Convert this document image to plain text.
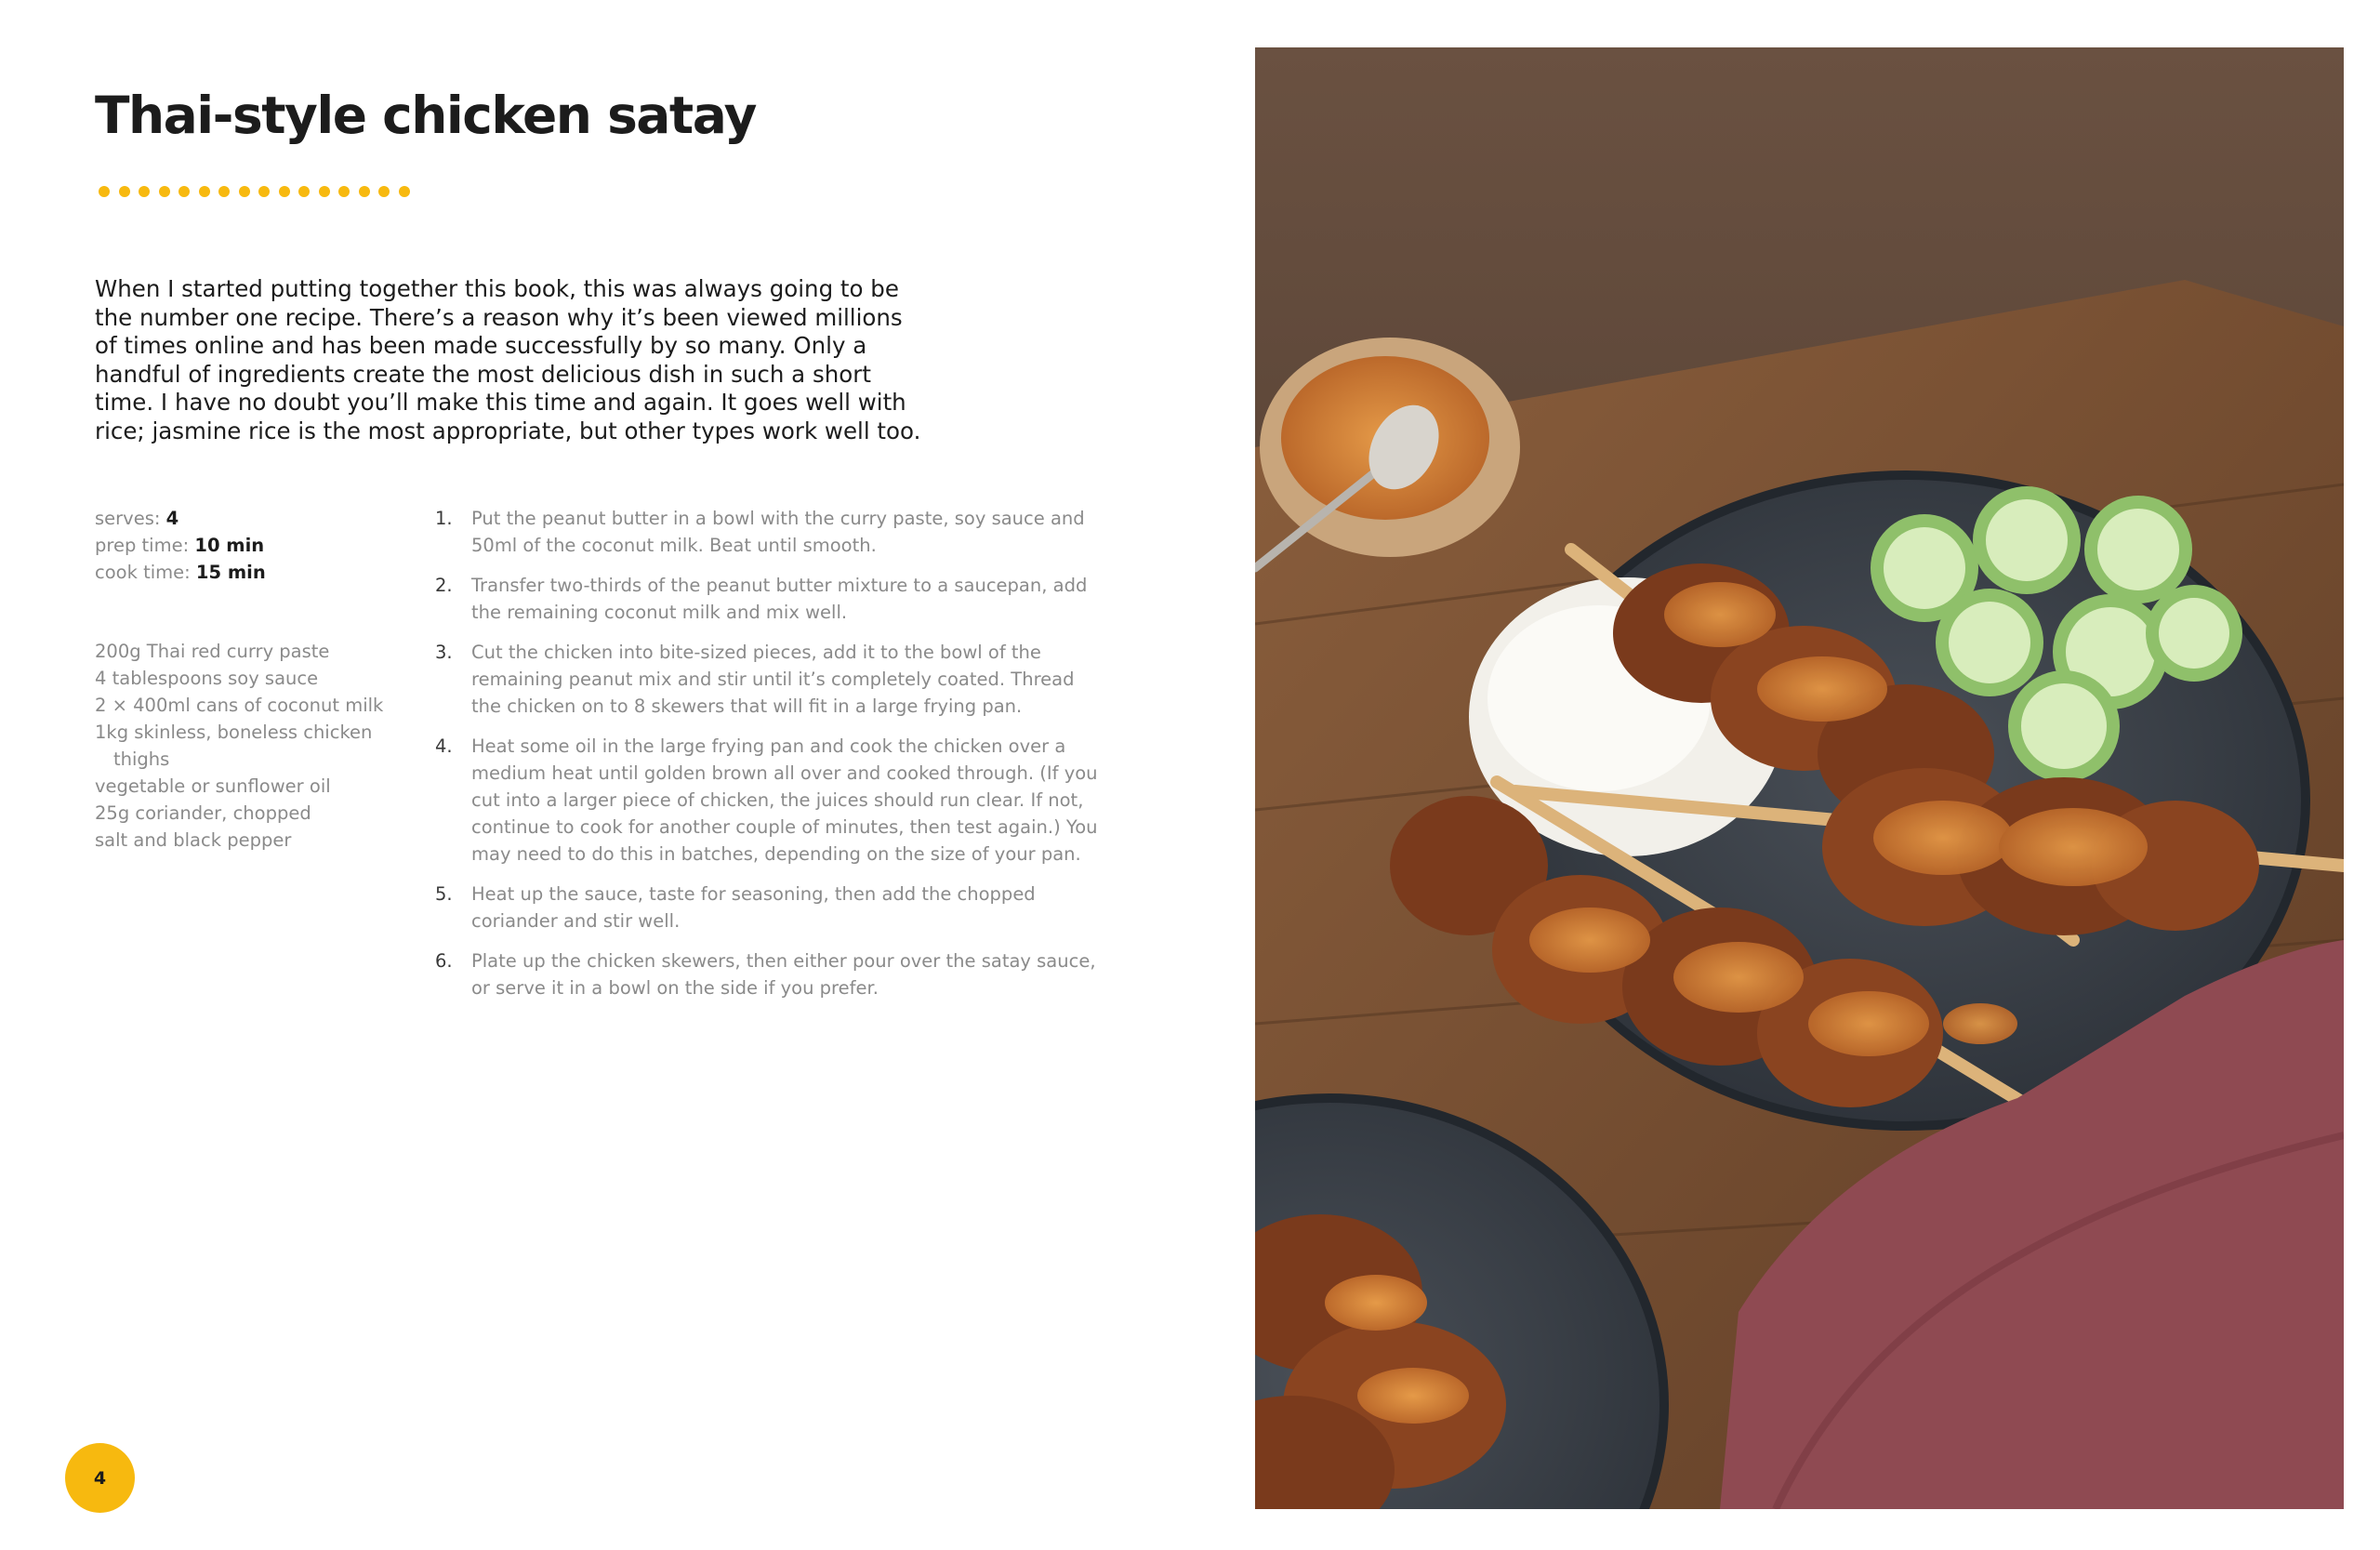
Thai-style chicken satay

When I started putting together this book, this was always going to be the number one recipe. There’s a reason why it’s been viewed millions of times online and has been made successfully by so many. Only a handful of ingredients create the most delicious dish in such a short time. I have no doubt you’ll make this time and again. It goes well with rice; jasmine rice is the most appropriate, but other types work well too.

serves: 4
prep time: 10 min
cook time: 15 min
200g Thai red curry paste
4 tablespoons soy sauce
2 × 400ml cans of coconut milk
1kg skinless, boneless chicken thighs
vegetable or sunflower oil
25g coriander, chopped
salt and black pepper
1.	Put the peanut butter in a bowl with the curry paste, soy sauce and 50ml of the coconut milk. Beat until smooth.
2.	Transfer two-thirds of the peanut butter mixture to a saucepan, add the remaining coconut milk and mix well.
3.	Cut the chicken into bite-sized pieces, add it to the bowl of the remaining peanut mix and stir until it’s completely coated. Thread the chicken on to 8 skewers that will fit in a large frying pan.
4.	Heat some oil in the large frying pan and cook the chicken over a medium heat until golden brown all over and cooked through. (If you cut into a larger piece of chicken, the juices should run clear. If not, continue to cook for another couple of minutes, then test again.) You may need to do this in batches, depending on the size of your pan.
5.	Heat up the sauce, taste for seasoning, then add the chopped coriander and stir well.
6.	Plate up the chicken skewers, then either pour over the satay sauce, or serve it in a bowl on the side if you prefer.
4
